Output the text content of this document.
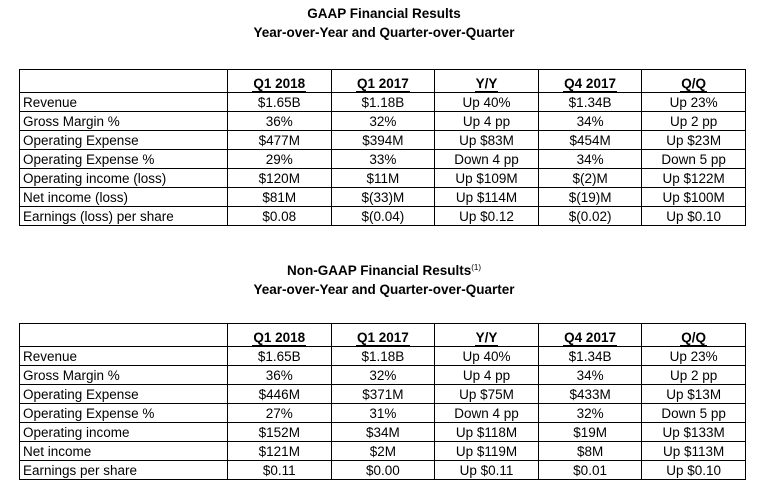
GAAP Financial Results
Year-over-Year and Quarter-over-Quarter
	Q1 2018	Q1 2017	Y/Y	Q4 2017	Q/Q
Revenue	$1.65B	$1.18B	Up 40%	$1.34B	Up 23%
Gross Margin %	36%	32%	Up 4 pp	34%	Up 2 pp
Operating Expense	$477M	$394M	Up $83M	$454M	Up $23M
Operating Expense %	29%	33%	Down 4 pp	34%	Down 5 pp
Operating income (loss)	$120M	$11M	Up $109M	$(2)M	Up $122M
Net income (loss)	$81M	$(33)M	Up $114M	$(19)M	Up $100M
Earnings (loss) per share	$0.08	$(0.04)	Up $0.12	$(0.02)	Up $0.10
Non-GAAP Financial Results$^{(1)}$
Year-over-Year and Quarter-over-Quarter
	Q1 2018	Q1 2017	Y/Y	Q4 2017	Q/Q
Revenue	$1.65B	$1.18B	Up 40%	$1.34B	Up 23%
Gross Margin %	36%	32%	Up 4 pp	34%	Up 2 pp
Operating Expense	$446M	$371M	Up $75M	$433M	Up $13M
Operating Expense %	27%	31%	Down 4 pp	32%	Down 5 pp
Operating income	$152M	$34M	Up $118M	$19M	Up $133M
Net income	$121M	$2M	Up $119M	$8M	Up $113M
Earnings per share	$0.11	$0.00	Up $0.11	$0.01	Up $0.10
